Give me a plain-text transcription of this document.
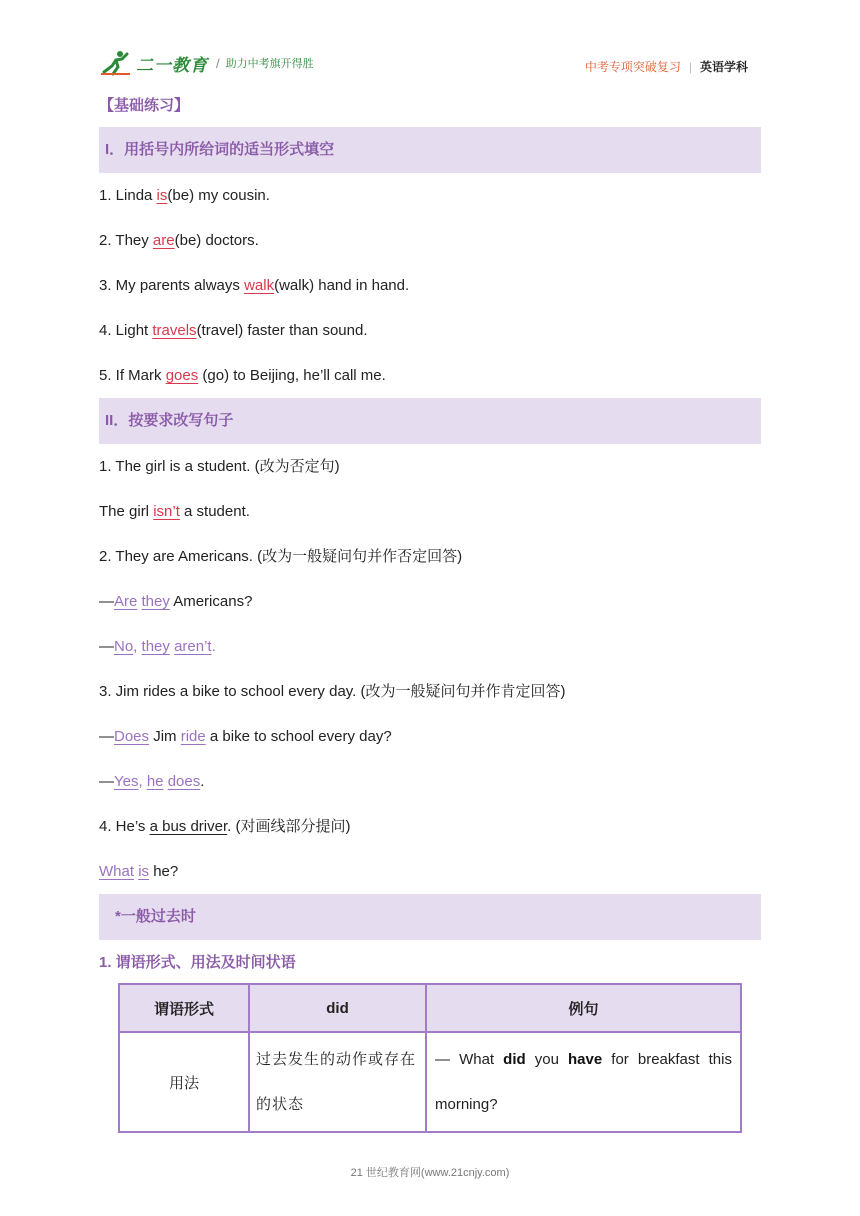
二一教育 / 助力中考旗开得胜	中考专项突破复习 | 英语学科
【基础练习】
I．用括号内所给词的适当形式填空
1. Linda is(be) my cousin.
2. They are(be) doctors.
3. My parents always walk(walk) hand in hand.
4. Light travels(travel) faster than sound.
5. If Mark goes (go) to Beijing, he’ll call me.
II．按要求改写句子
1. The girl is a student. (改为否定句)
The girl isn’t a student.
2. They are Americans. (改为一般疑问句并作否定回答)
—Are they Americans?
—No, they aren’t.
3. Jim rides a bike to school every day. (改为一般疑问句并作肯定回答)
—Does Jim ride a bike to school every day?
—Yes, he does.
4. He’s a bus driver. (对画线部分提问)
What is he?
*一般过去时
1. 谓语形式、用法及时间状语
谓语形式	did	例句
用法	过去发生的动作或存在的状态	— What did you have for breakfast this morning?
21 世纪教育网(www.21cnjy.com)
